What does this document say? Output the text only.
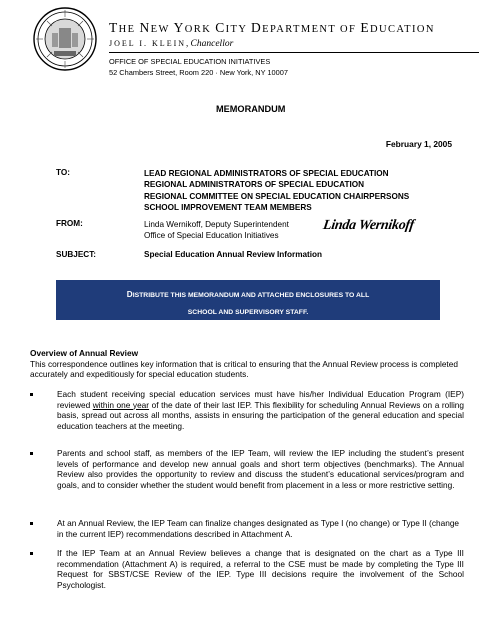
THE NEW YORK CITY DEPARTMENT OF EDUCATION
JOEL I. KLEIN, Chancellor
OFFICE OF SPECIAL EDUCATION INITIATIVES
52 Chambers Street, Room 220 · New York, NY 10007
MEMORANDUM
February 1, 2005
TO:	LEAD REGIONAL ADMINISTRATORS OF SPECIAL EDUCATION
REGIONAL ADMINISTRATORS OF SPECIAL EDUCATION
REGIONAL COMMITTEE ON SPECIAL EDUCATION CHAIRPERSONS
SCHOOL IMPROVEMENT TEAM MEMBERS
FROM:	Linda Wernikoff, Deputy Superintendent
Office of Special Education Initiatives
Linda Wernikoff
SUBJECT:	Special Education Annual Review Information
DISTRIBUTE THIS MEMORANDUM AND ATTACHED ENCLOSURES TO ALL
SCHOOL AND SUPERVISORY STAFF.
Overview of Annual Review
This correspondence outlines key information that is critical to ensuring that the Annual Review process is completed accurately and expeditiously for special education students.
Each student receiving special education services must have his/her Individual Education Program (IEP) reviewed within one year of the date of their last IEP. This flexibility for scheduling Annual Reviews on a rolling basis, spread out across all months, assists in ensuring the participation of the general education and special education teachers at the meeting.
Parents and school staff, as members of the IEP Team, will review the IEP including the student’s present levels of performance and develop new annual goals and short term objectives (benchmarks). The Annual Review also provides the opportunity to review and discuss the student’s educational services/program and goals, and to consider whether the student would benefit from placement in a less or more restrictive setting.
At an Annual Review, the IEP Team can finalize changes designated as Type I (no change) or Type II (change in the current IEP) recommendations described in Attachment A.
If the IEP Team at an Annual Review believes a change that is designated on the chart as a Type III recommendation (Attachment A) is required, a referral to the CSE must be made by completing the Type III Request for SBST/CSE Review of the IEP. Type III decisions require the involvement of the School Psychologist.
